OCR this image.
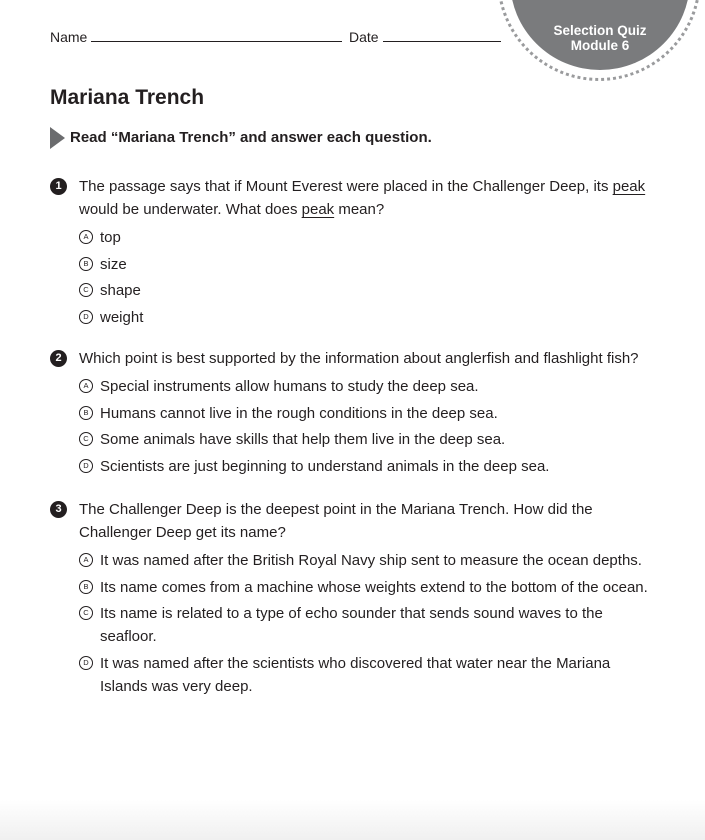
Name	Date	Selection Quiz
Module 6
Mariana Trench
Read “Mariana Trench” and answer each question.
1	The passage says that if Mount Everest were placed in the Challenger Deep, its peak would be underwater. What does peak mean?
A top
B size
C shape
D weight
2	Which point is best supported by the information about anglerfish and flashlight fish?
A Special instruments allow humans to study the deep sea.
B Humans cannot live in the rough conditions in the deep sea.
C Some animals have skills that help them live in the deep sea.
D Scientists are just beginning to understand animals in the deep sea.
3	The Challenger Deep is the deepest point in the Mariana Trench. How did the Challenger Deep get its name?
A It was named after the British Royal Navy ship sent to measure the ocean depths.
B Its name comes from a machine whose weights extend to the bottom of the ocean.
C Its name is related to a type of echo sounder that sends sound waves to the seafloor.
D It was named after the scientists who discovered that water near the Mariana Islands was very deep.
